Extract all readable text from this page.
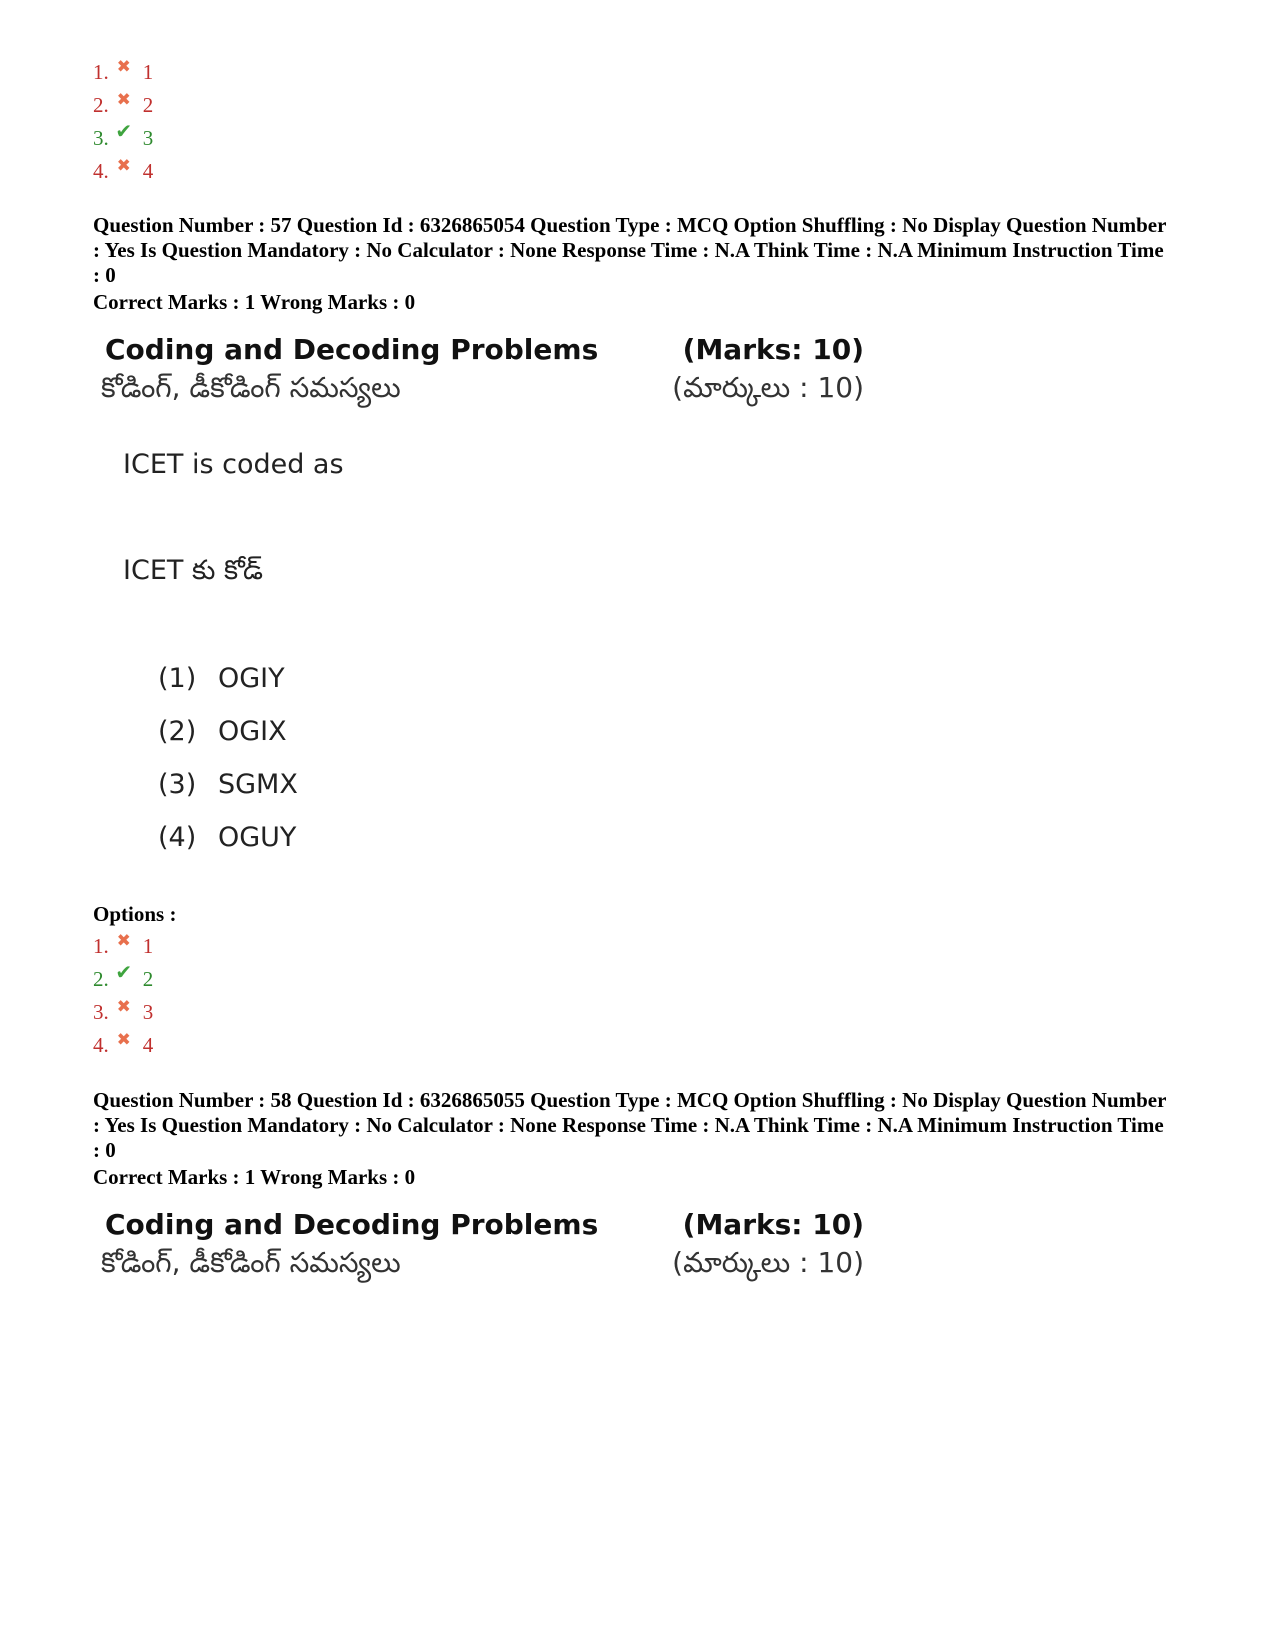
1. ✖ 1
2. ✖ 2
3. ✔ 3
4. ✖ 4
Question Number : 57 Question Id : 6326865054 Question Type : MCQ Option Shuffling : No Display Question Number : Yes Is Question Mandatory : No Calculator : None Response Time : N.A Think Time : N.A Minimum Instruction Time : 0
Correct Marks : 1 Wrong Marks : 0
Coding and Decoding Problems	(Marks: 10)
కోడింగ్, డీకోడింగ్ సమస్యలు	(మార్కులు : 10)
ICET is coded as
ICET కు కోడ్
(1) OGIY
(2) OGIX
(3) SGMX
(4) OGUY
Options :
1. ✖ 1
2. ✔ 2
3. ✖ 3
4. ✖ 4
Question Number : 58 Question Id : 6326865055 Question Type : MCQ Option Shuffling : No Display Question Number : Yes Is Question Mandatory : No Calculator : None Response Time : N.A Think Time : N.A Minimum Instruction Time : 0
Correct Marks : 1 Wrong Marks : 0
Coding and Decoding Problems	(Marks: 10)
కోడింగ్, డీకోడింగ్ సమస్యలు	(మార్కులు : 10)
